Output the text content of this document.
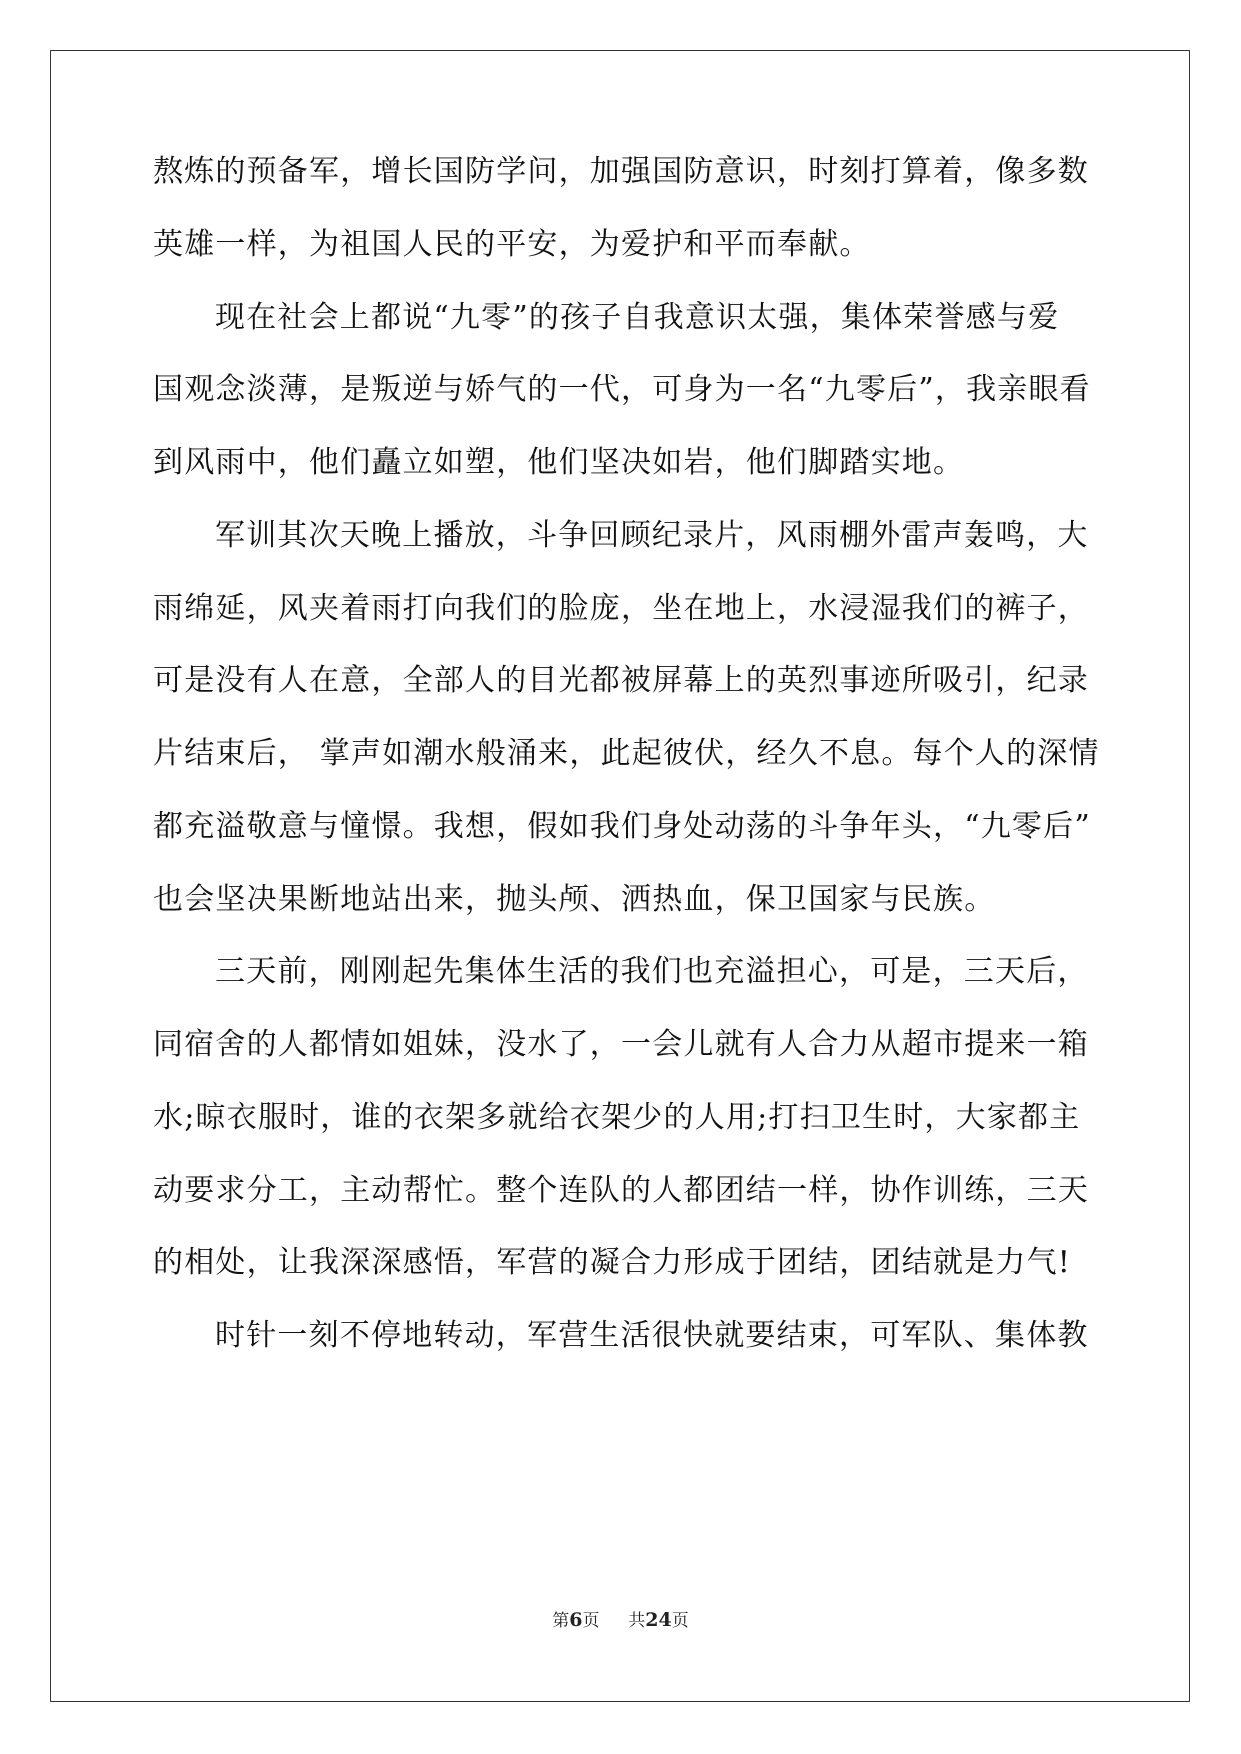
熬炼的预备军，增长国防学问，加强国防意识，时刻打算着，像多数
英雄一样，为祖国人民的平安，为爱护和平而奉献。
现在社会上都说“九零”的孩子自我意识太强，集体荣誉感与爱
国观念淡薄，是叛逆与娇气的一代，可身为一名“九零后”，我亲眼看
到风雨中，他们矗立如塑，他们坚决如岩，他们脚踏实地。
军训其次天晚上播放，斗争回顾纪录片，风雨棚外雷声轰鸣，大
雨绵延，风夹着雨打向我们的脸庞，坐在地上，水浸湿我们的裤子，
可是没有人在意，全部人的目光都被屏幕上的英烈事迹所吸引，纪录
片结束后， 掌声如潮水般涌来，此起彼伏，经久不息。每个人的深情
都充溢敬意与憧憬。我想，假如我们身处动荡的斗争年头，“九零后”
也会坚决果断地站出来，抛头颅、洒热血，保卫国家与民族。
三天前，刚刚起先集体生活的我们也充溢担心，可是，三天后，
同宿舍的人都情如姐妹，没水了，一会儿就有人合力从超市提来一箱
水;晾衣服时，谁的衣架多就给衣架少的人用;打扫卫生时，大家都主
动要求分工，主动帮忙。整个连队的人都团结一样，协作训练，三天
的相处，让我深深感悟，军营的凝合力形成于团结，团结就是力气!
时针一刻不停地转动，军营生活很快就要结束，可军队、集体教
第6页 共24页
